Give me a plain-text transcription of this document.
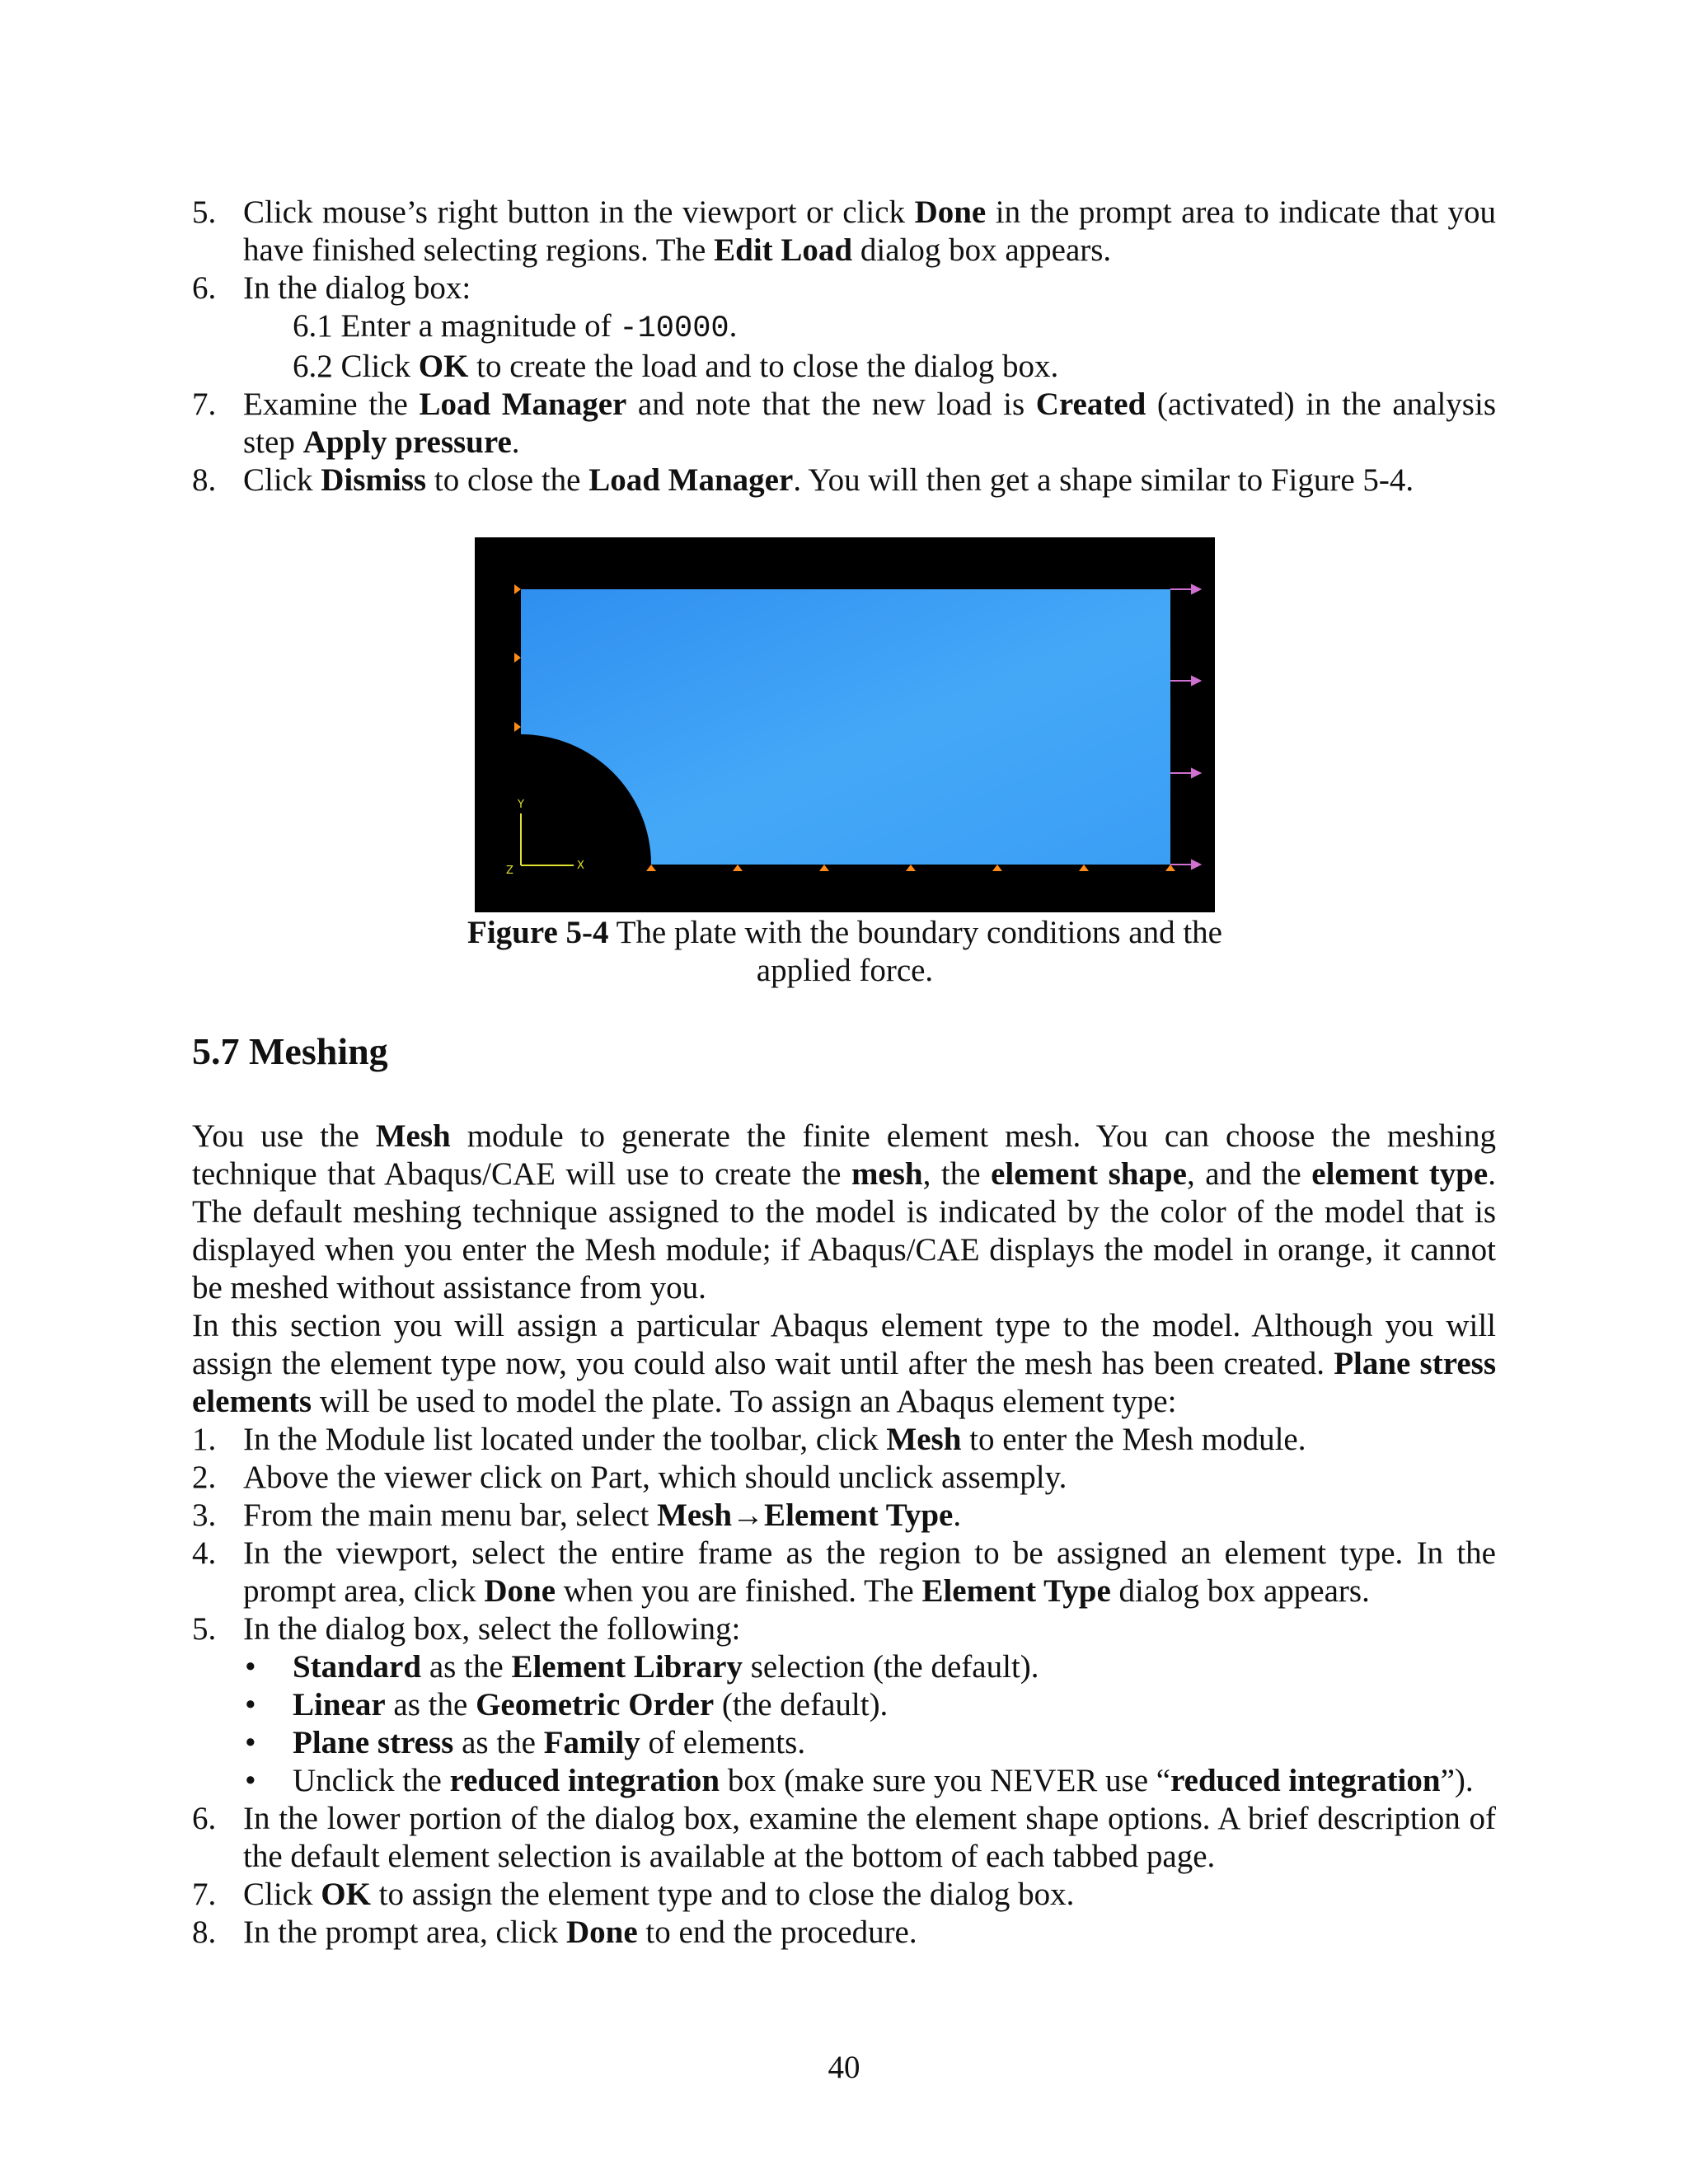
5. Click mouse’s right button in the viewport or click Done in the prompt area to indicate that you have finished selecting regions. The Edit Load dialog box appears.
6. In the dialog box:
6.1 Enter a magnitude of -10000.
6.2 Click OK to create the load and to close the dialog box.
7. Examine the Load Manager and note that the new load is Created (activated) in the analysis step Apply pressure.
8. Click Dismiss to close the Load Manager. You will then get a shape similar to Figure 5-4.
Y
X
Z
Figure 5-4 The plate with the boundary conditions and the applied force.
5.7 Meshing
You use the Mesh module to generate the finite element mesh. You can choose the meshing technique that Abaqus/CAE will use to create the mesh, the element shape, and the element type. The default meshing technique assigned to the model is indicated by the color of the model that is displayed when you enter the Mesh module; if Abaqus/CAE displays the model in orange, it cannot be meshed without assistance from you.
In this section you will assign a particular Abaqus element type to the model. Although you will assign the element type now, you could also wait until after the mesh has been created. Plane stress elements will be used to model the plate. To assign an Abaqus element type:
1. In the Module list located under the toolbar, click Mesh to enter the Mesh module.
2. Above the viewer click on Part, which should unclick assemply.
3. From the main menu bar, select Mesh→Element Type.
4. In the viewport, select the entire frame as the region to be assigned an element type. In the prompt area, click Done when you are finished. The Element Type dialog box appears.
5. In the dialog box, select the following:
• Standard as the Element Library selection (the default).
• Linear as the Geometric Order (the default).
• Plane stress as the Family of elements.
• Unclick the reduced integration box (make sure you NEVER use “reduced integration”).
6. In the lower portion of the dialog box, examine the element shape options. A brief description of the default element selection is available at the bottom of each tabbed page.
7. Click OK to assign the element type and to close the dialog box.
8. In the prompt area, click Done to end the procedure.
40
